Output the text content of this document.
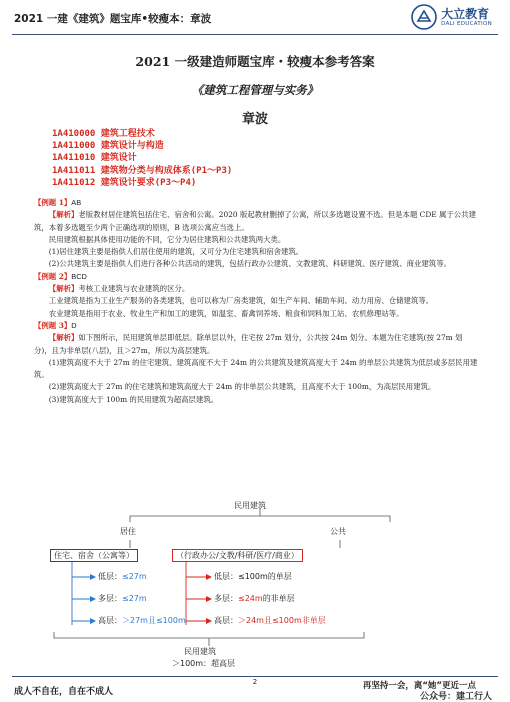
2021 一建《建筑》题宝库•较瘦本：章波	大立教育
DALI EDUCATION
2021 一级建造师题宝库・较瘦本参考答案
《建筑工程管理与实务》
章波
1A410000 建筑工程技术
1A411000 建筑设计与构造
1A411010 建筑设计
1A411011 建筑物分类与构成体系(P1～P3)
1A411012 建筑设计要求(P3～P4)

【例题 1】AB

【解析】老版教材居住建筑包括住宅、宿舍和公寓。2020 版起教材删掉了公寓，所以多选题设置不选。但是本题 CDE 属于公共建筑，本着多选题至少两个正确选项的原则，B 选项公寓应当选上。

民用建筑根据具体使用功能的不同，它分为居住建筑和公共建筑两大类。

(1)居住建筑主要是指供人们居住使用的建筑，又可分为住宅建筑和宿舍建筑。

(2)公共建筑主要是指供人们进行各种公共活动的建筑，包括行政办公建筑、文教建筑、科研建筑、医疗建筑、商业建筑等。

【例题 2】BCD

【解析】考核工业建筑与农业建筑的区分。

工业建筑是指为工业生产服务的各类建筑，也可以称为厂房类建筑，如生产车间、辅助车间、动力用房、仓储建筑等。

农业建筑是指用于农业、牧业生产和加工的建筑，如温室、畜禽饲养场、粮食和饲料加工站、农机修理站等。

【例题 3】D

【解析】如下图所示，民用建筑单层即低层。除单层以外，住宅按 27m 划分，公共按 24m 划分。本题为住宅建筑(按 27m 划分)，且为非单层(八层)，且＞27m，所以为高层建筑。

(1)建筑高度不大于 27m 的住宅建筑、建筑高度不大于 24m 的公共建筑及建筑高度大于 24m 的单层公共建筑为低层或多层民用建筑。

(2)建筑高度大于 27m 的住宅建筑和建筑高度大于 24m 的非单层公共建筑，且高度不大于 100m，为高层民用建筑。

(3)建筑高度大于 100m 的民用建筑为超高层建筑。

民用建筑
居住	公共
住宅、宿舍（公寓等）	（行政办公/文教/科研/医疗/商业）
低层：≤27m
多层：≤27m
高层：＞27m且≤100m
低层：≤100m的单层
多层：≤24m的非单层
高层：＞24m且≤100m非单层
民用建筑
＞100m：超高层
2
成人不自在，自在不成人
再坚持一会，离“她”更近一点
公众号：建工行人
